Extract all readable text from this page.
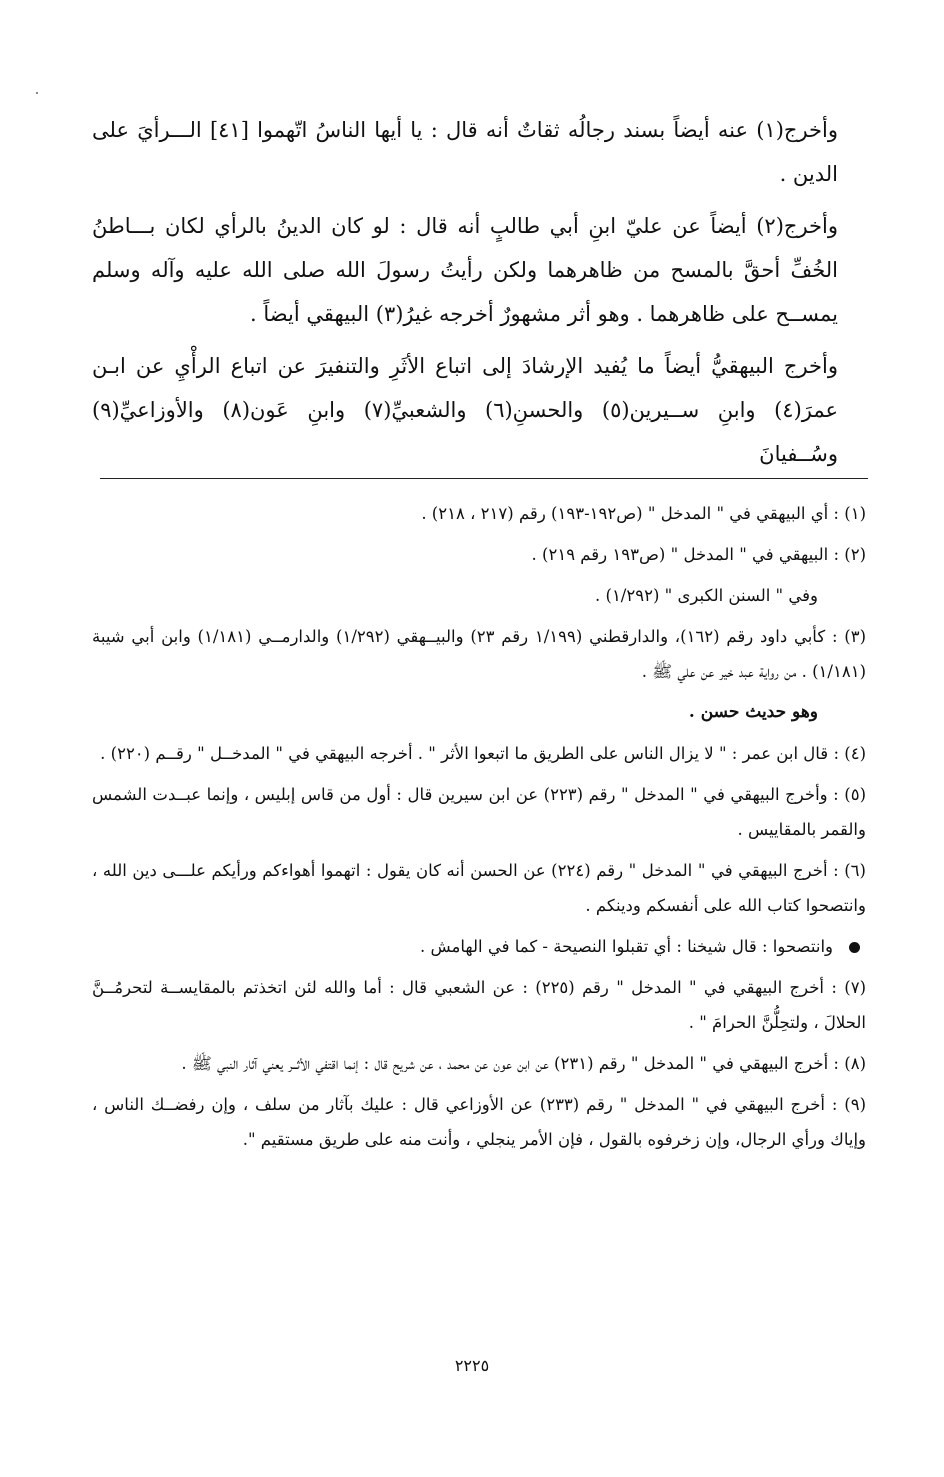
وأخرج(١) عنه أيضاً بسند رجالُه ثقاتٌ أنه قال : يا أيها الناسُ اتّهموا [٤١] الـــرأيَ على الدين .

وأخرج(٢) أيضاً عن عليّ ابنِ أبي طالبٍ أنه قال : لو كان الدينُ بالرأي لكان بـــاطنُ الخُفِّ أحقَّ بالمسح من ظاهرهما ولكن رأيتُ رسولَ الله صلى الله عليه وآله وسلم يمســح على ظاهرهما . وهو أثر مشهورٌ أخرجه غيرُ(٣) البيهقي أيضاً .

وأخرج البيهقيُّ أيضاً ما يُفيد الإرشادَ إلى اتباع الأثَرِ والتنفيرَ عن اتباع الرأْيِ عن ابـن عمرَ(٤) وابنِ ســيرين(٥) والحسنِ(٦) والشعبيِّ(٧) وابنِ عَون(٨) والأوزاعيِّ(٩) وسُــفيانَ

(١) : أي البيهقي في " المدخل " (ص١٩٢-١٩٣) رقم (٢١٧ ، ٢١٨) .

(٢) : البيهقي في " المدخل " (ص١٩٣ رقم ٢١٩) .

وفي " السنن الكبرى " (١/٢٩٢) .

(٣) : كأبي داود رقم (١٦٢)، والدارقطني (١/١٩٩ رقم ٢٣) والبيــهقي (١/٢٩٢) والدارمــي (١/١٨١) وابن أبي شيبة (١/١٨١) . من رواية عبد خير عن علي ﷺ .

وهو حديث حسن .

(٤) : قال ابن عمر : " لا يزال الناس على الطريق ما اتبعوا الأثر " . أخرجه البيهقي في " المدخــل " رقــم (٢٢٠) .

(٥) : وأخرج البيهقي في " المدخل " رقم (٢٢٣) عن ابن سيرين قال : أول من قاس إبليس ، وإنما عبــدت الشمس والقمر بالمقاييس .

(٦) : أخرج البيهقي في " المدخل " رقم (٢٢٤) عن الحسن أنه كان يقول : اتهموا أهواءكم ورأيكم علـــى دين الله ، وانتصحوا كتاب الله على أنفسكم ودينكم .

وانتصحوا : قال شيخنا : أي تقبلوا النصيحة - كما في الهامش .

(٧) : أخرج البيهقي في " المدخل " رقم (٢٢٥) : عن الشعبي قال : أما والله لئن اتخذتم بالمقايســة لتحرمُــنَّ الحلالَ ، ولتحِلُّنَّ الحرامَ " .

(٨) : أخرج البيهقي في " المدخل " رقم (٢٣١) عن ابن عون عن محمد ، عن شريح قال : إنما اقتفي الأثــر يعني آثار النبي ﷺ .

(٩) : أخرج البيهقي في " المدخل " رقم (٢٣٣) عن الأوزاعي قال : عليك بآثار من سلف ، وإن رفضــك الناس ، وإياك ورأي الرجال، وإن زخرفوه بالقول ، فإن الأمر ينجلي ، وأنت منه على طريق مستقيم ".

٢٢٢٥
